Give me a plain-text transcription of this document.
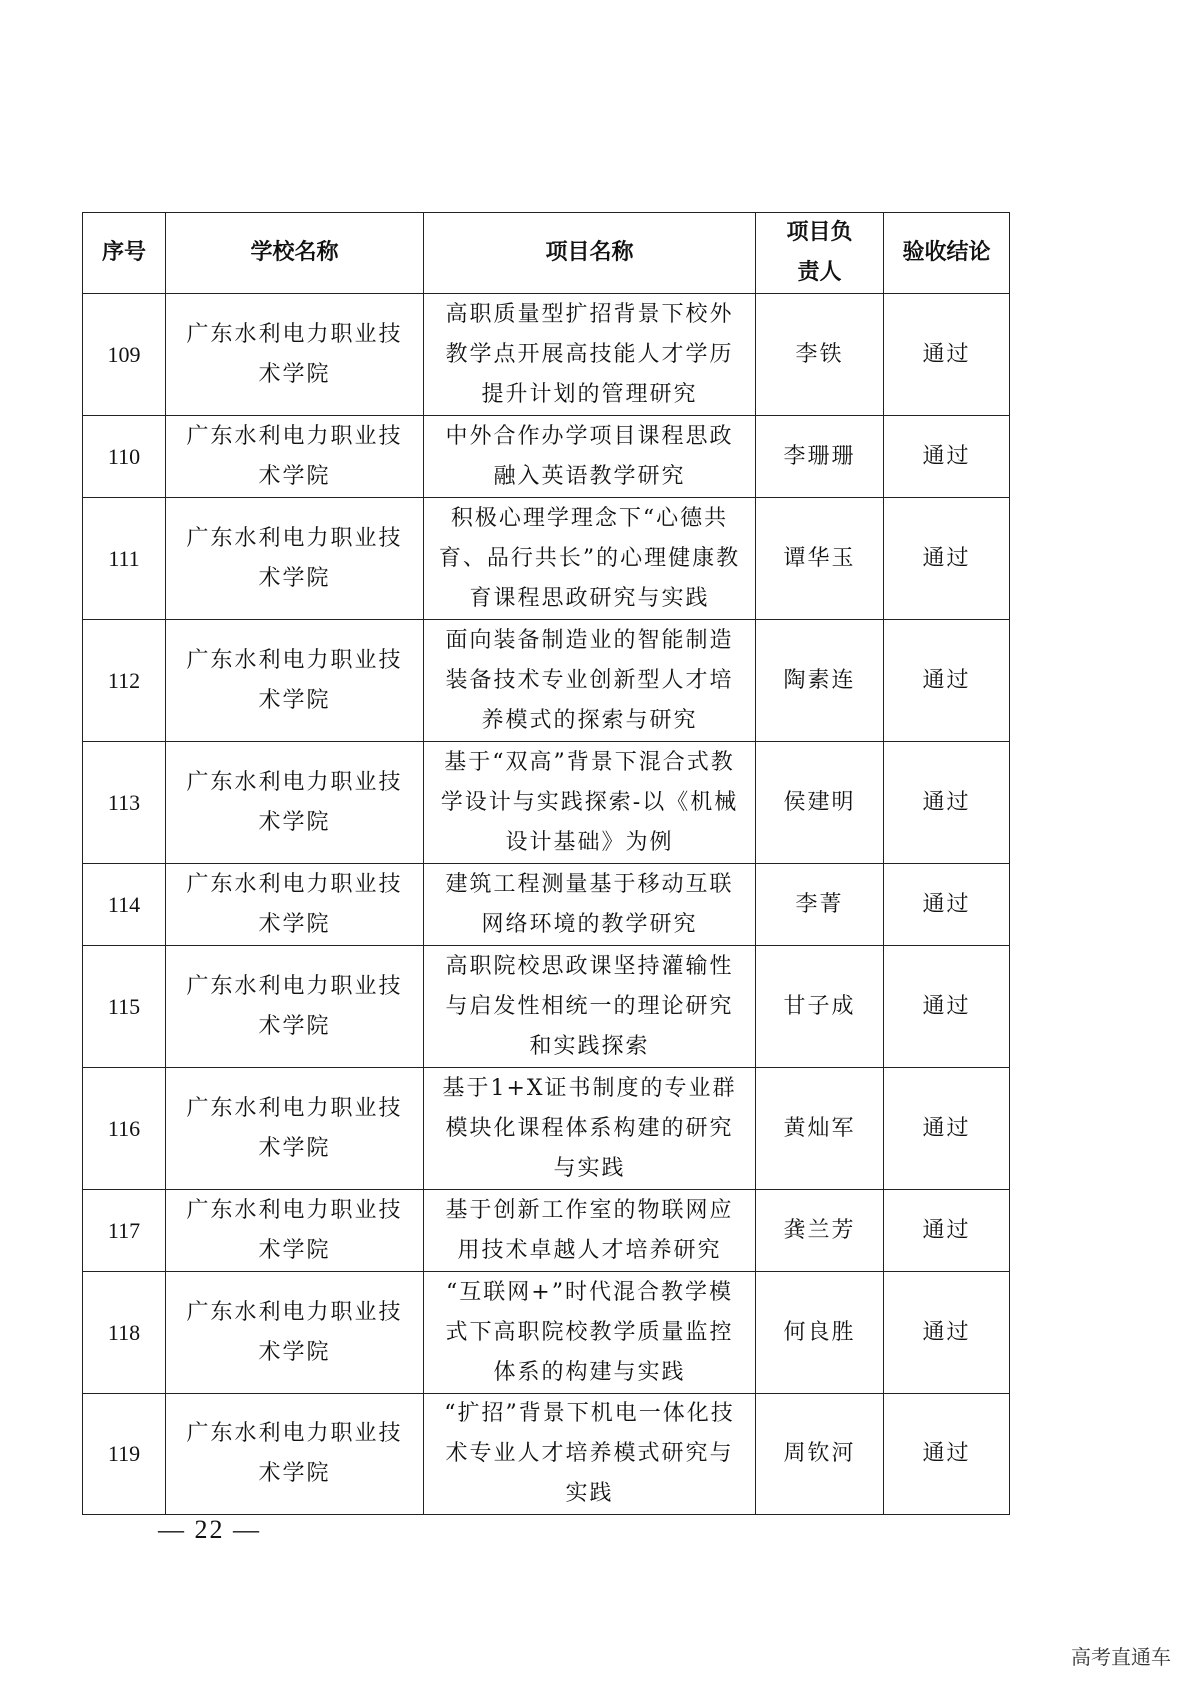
序号	学校名称	项目名称	项目负责人	验收结论
109	广东水利电力职业技术学院	高职质量型扩招背景下校外教学点开展高技能人才学历提升计划的管理研究	李铁	通过
110	广东水利电力职业技术学院	中外合作办学项目课程思政融入英语教学研究	李珊珊	通过
111	广东水利电力职业技术学院	积极心理学理念下“心德共育、品行共长”的心理健康教育课程思政研究与实践	谭华玉	通过
112	广东水利电力职业技术学院	面向装备制造业的智能制造装备技术专业创新型人才培养模式的探索与研究	陶素连	通过
113	广东水利电力职业技术学院	基于“双高”背景下混合式教学设计与实践探索-以《机械设计基础》为例	侯建明	通过
114	广东水利电力职业技术学院	建筑工程测量基于移动互联网络环境的教学研究	李菁	通过
115	广东水利电力职业技术学院	高职院校思政课坚持灌输性与启发性相统一的理论研究和实践探索	甘子成	通过
116	广东水利电力职业技术学院	基于1+X证书制度的专业群模块化课程体系构建的研究与实践	黄灿军	通过
117	广东水利电力职业技术学院	基于创新工作室的物联网应用技术卓越人才培养研究	龚兰芳	通过
118	广东水利电力职业技术学院	“互联网+”时代混合教学模式下高职院校教学质量监控体系的构建与实践	何良胜	通过
119	广东水利电力职业技术学院	“扩招”背景下机电一体化技术专业人才培养模式研究与实践	周钦河	通过
— 22 —
高考直通车
